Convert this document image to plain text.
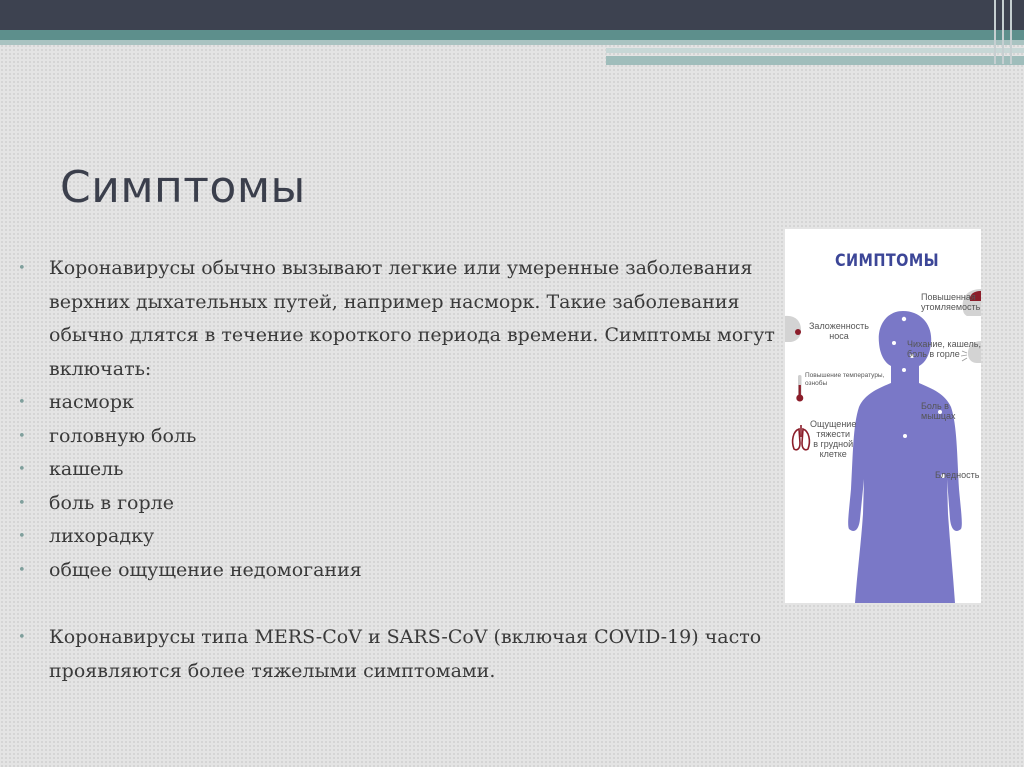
Симптомы
• Коронавирусы обычно вызывают легкие или умеренные заболевания верхних дыхательных путей, например насморк. Такие заболевания обычно длятся в течение короткого периода времени. Симптомы могут включать:
• насморк
• головную боль
• кашель
• боль в горле
• лихорадку
• общее ощущение недомогания
• Коронавирусы типа MERS-CoV и SARS-CoV (включая COVID-19) часто проявляются более тяжелыми симптомами.
СИМПТОМЫ
Повышенная
утомляемость
Заложенность
носа
Чихание, кашель,
боль в горле
Повышение температуры,
ознобы
Боль в мышцах
Ощущение
тяжести
в грудной
клетке
Бледность
